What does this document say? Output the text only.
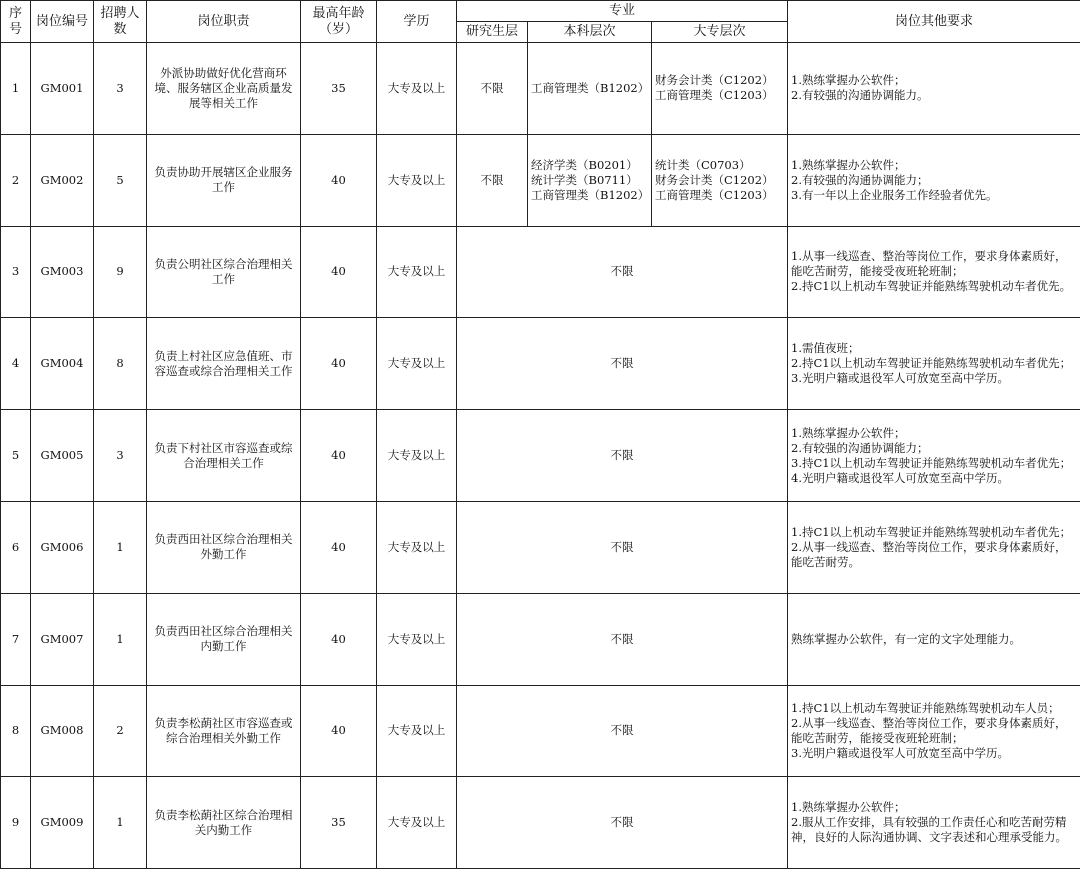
序号	岗位编号	招聘人数	岗位职责	最高年龄（岁）	学历	专业			岗位其他要求
						研究生层	本科层次	大专层次	
1	GM001	3	外派协助做好优化营商环境、服务辖区企业高质量发展等相关工作	35	大专及以上	不限	工商管理类（B1202）	财务会计类（C1202）
工商管理类（C1203）	1.熟练掌握办公软件；
2.有较强的沟通协调能力。

2	GM002	5	负责协助开展辖区企业服务工作	40	大专及以上	不限	经济学类（B0201）
统计学类（B0711）
工商管理类（B1202）	统计类（C0703）
财务会计类（C1202）
工商管理类（C1203）	1.熟练掌握办公软件；
2.有较强的沟通协调能力；
3.有一年以上企业服务工作经验者优先。

3	GM003	9	负责公明社区综合治理相关工作	40	大专及以上	不限			1.从事一线巡查、整治等岗位工作，要求身体素质好，能吃苦耐劳，能接受夜班轮班制；
2.持C1以上机动车驾驶证并能熟练驾驶机动车者优先。

4	GM004	8	负责上村社区应急值班、市容巡查或综合治理相关工作	40	大专及以上	不限			1.需值夜班；
2.持C1以上机动车驾驶证并能熟练驾驶机动车者优先；
3.光明户籍或退役军人可放宽至高中学历。

5	GM005	3	负责下村社区市容巡查或综合治理相关工作	40	大专及以上	不限			1.熟练掌握办公软件；
2.有较强的沟通协调能力；
3.持C1以上机动车驾驶证并能熟练驾驶机动车者优先；
4.光明户籍或退役军人可放宽至高中学历。

6	GM006	1	负责西田社区综合治理相关外勤工作	40	大专及以上	不限			1.持C1以上机动车驾驶证并能熟练驾驶机动车者优先；
2.从事一线巡查、整治等岗位工作，要求身体素质好，能吃苦耐劳。

7	GM007	1	负责西田社区综合治理相关内勤工作	40	大专及以上	不限			熟练掌握办公软件，有一定的文字处理能力。

8	GM008	2	负责李松蓢社区市容巡查或综合治理相关外勤工作	40	大专及以上	不限			1.持C1以上机动车驾驶证并能熟练驾驶机动车人员；
2.从事一线巡查、整治等岗位工作，要求身体素质好，能吃苦耐劳，能接受夜班轮班制；
3.光明户籍或退役军人可放宽至高中学历。

9	GM009	1	负责李松蓢社区综合治理相关内勤工作	35	大专及以上	不限			1.熟练掌握办公软件；
2.服从工作安排，具有较强的工作责任心和吃苦耐劳精神，良好的人际沟通协调、文字表述和心理承受能力。
